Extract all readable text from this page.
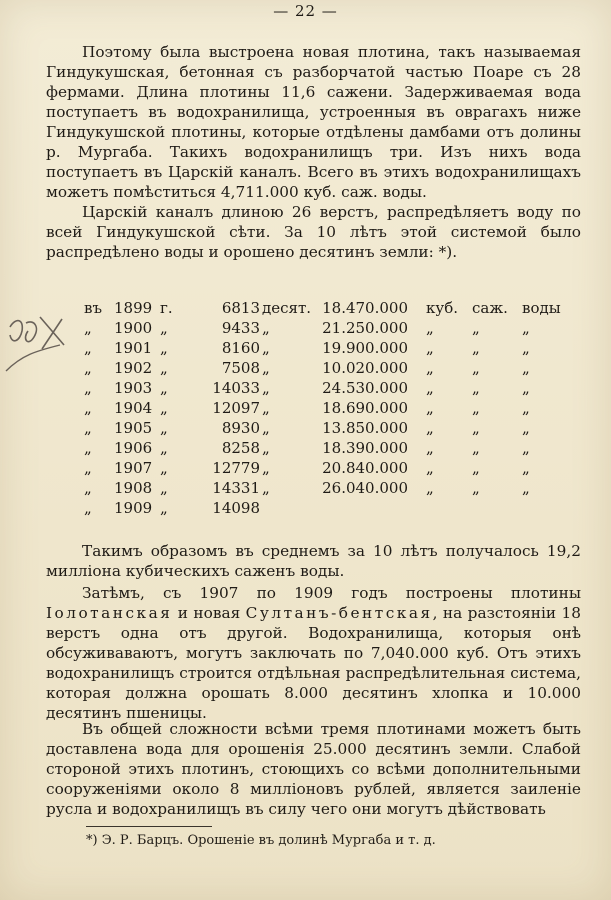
— 22 —
Поэтому была выстроена новая плотина, такъ называемая Гиндукушская, бетонная съ разборчатой частью Поаре съ 28 фермами. Длина плотины 11,6 сажени. Задерживаемая вода поступаетъ въ водохранилища, устроенныя въ оврагахъ ниже Гиндукушской плотины, которые отдѣлены дамбами отъ долины р. Мургаба. Такихъ водохранилищъ три. Изъ нихъ вода поступаетъ въ Царскій каналъ. Всего въ этихъ водохранилищахъ можетъ помѣститься 4,711.000 куб. саж. воды.
Царскій каналъ длиною 26 верстъ, распредѣляетъ воду по всей Гиндукушской сѣти. За 10 лѣтъ этой системой было распредѣлено воды и орошено десятинъ земли: *).
въ 1899 г.	6813 десят. 18.470.000 куб. саж. воды
„	1900 „	9433 „	21.250.000 „	„	„
„	1901 „	8160 „	19.900.000 „	„	„
„	1902 „	7508 „	10.020.000 „	„	„
„	1903 „	14033 „	24.530.000 „	„	„
„	1904 „	12097 „	18.690.000 „	„	„
„	1905 „	8930 „	13.850.000 „	„	„
„	1906 „	8258 „	18.390.000 „	„	„
„	1907 „	12779 „	20.840.000 „	„	„
„	1908 „	14331 „	26.040.000 „	„	„
„	1909 „	14098
Такимъ образомъ въ среднемъ за 10 лѣтъ получалось 19,2 милліона кубическихъ саженъ воды.
Затѣмъ, съ 1907 по 1909 годъ построены плотины Iолотанская и новая Султанъ-бентская, на разстояніи 18 верстъ одна отъ другой. Водохранилища, которыя онѣ обсуживаваютъ, могутъ заключать по 7,040.000 куб. Отъ этихъ водохранилищъ строится отдѣльная распредѣлительная система, которая должна орошать 8.000 десятинъ хлопка и 10.000 десятинъ пшеницы.
Въ общей сложности всѣми тремя плотинами можетъ быть доставлена вода для орошенія 25.000 десятинъ земли. Слабой стороной этихъ плотинъ, стоющихъ со всѣми дополнительными сооруженіями около 8 милліоновъ рублей, является заиленіе русла и водохранилищъ въ силу чего они могутъ дѣйствовать
*) Э. Р. Барцъ. Орошеніе въ долинѣ Мургаба и т. д.
